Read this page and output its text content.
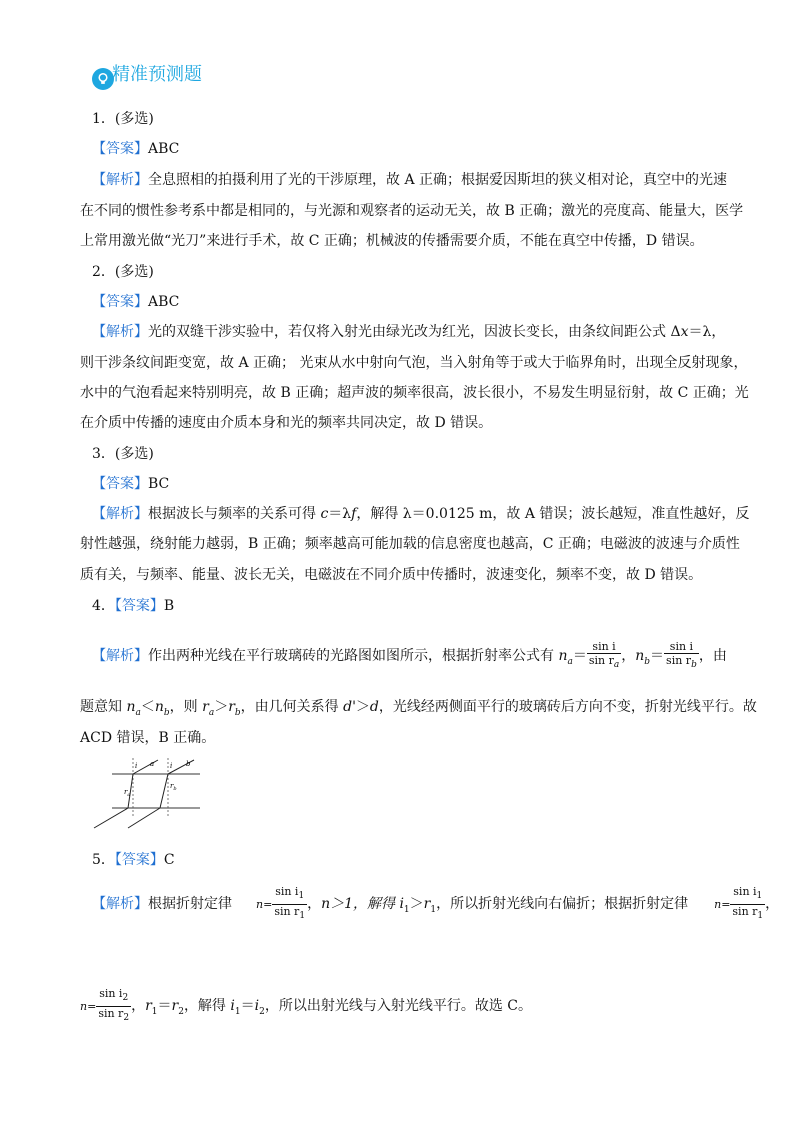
精准预测题
1．(多选)
【答案】ABC
【解析】全息照相的拍摄利用了光的干涉原理，故 A 正确；根据爱因斯坦的狭义相对论，真空中的光速
在不同的惯性参考系中都是相同的，与光源和观察者的运动无关，故 B 正确；激光的亮度高、能量大，医学
上常用激光做“光刀”来进行手术，故 C 正确；机械波的传播需要介质，不能在真空中传播，D 错误。
2．(多选)
【答案】ABC
【解析】光的双缝干涉实验中，若仅将入射光由绿光改为红光，因波长变长，由条纹间距公式 Δx＝λ，
则干涉条纹间距变宽，故 A 正确； 光束从水中射向气泡，当入射角等于或大于临界角时，出现全反射现象，
水中的气泡看起来特别明亮，故 B 正确；超声波的频率很高，波长很小，不易发生明显衍射，故 C 正确；光
在介质中传播的速度由介质本身和光的频率共同决定，故 D 错误。
3．(多选)
【答案】BC
【解析】根据波长与频率的关系可得 c＝λf，解得 λ＝0.0125 m，故 A 错误；波长越短，准直性越好，反
射性越强，绕射能力越弱，B 正确；频率越高可能加载的信息密度也越高，C 正确；电磁波的波速与介质性
质有关，与频率、能量、波长无关，电磁波在不同介质中传播时，波速变化，频率不变，故 D 错误。
4．【答案】B
【解析】作出两种光线在平行玻璃砖的光路图如图所示，根据折射率公式有 $n_a= \frac{\text{sin i}}{\sin r_a}$ ，$n_b= \frac{\text{sin i}}{\sin r_b}$ ，由
题意知 $n_a<n_b$，则 $r_a>r_b$，由几何关系得 d'＞d，光线经两侧面平行的玻璃砖后方向不变，折射光线平行。故
ACD 错误，B 正确。
i a i b
$r_a$
$r_b$
5．【答案】C
【解析】根据折射定律 $n= \frac{\sin i_1}{\sin r_1}$ ，n＞1，解得 $i_1>r_1$，所以折射光线向右偏折；根据折射定律 $n= \frac{\sin i_1}{\sin r_1}$ ，
$n= \frac{\sin i_2}{\sin r_2}$ ，$r_1=r_2$，解得 $i_1=i_2$，所以出射光线与入射光线平行。故选 C。
